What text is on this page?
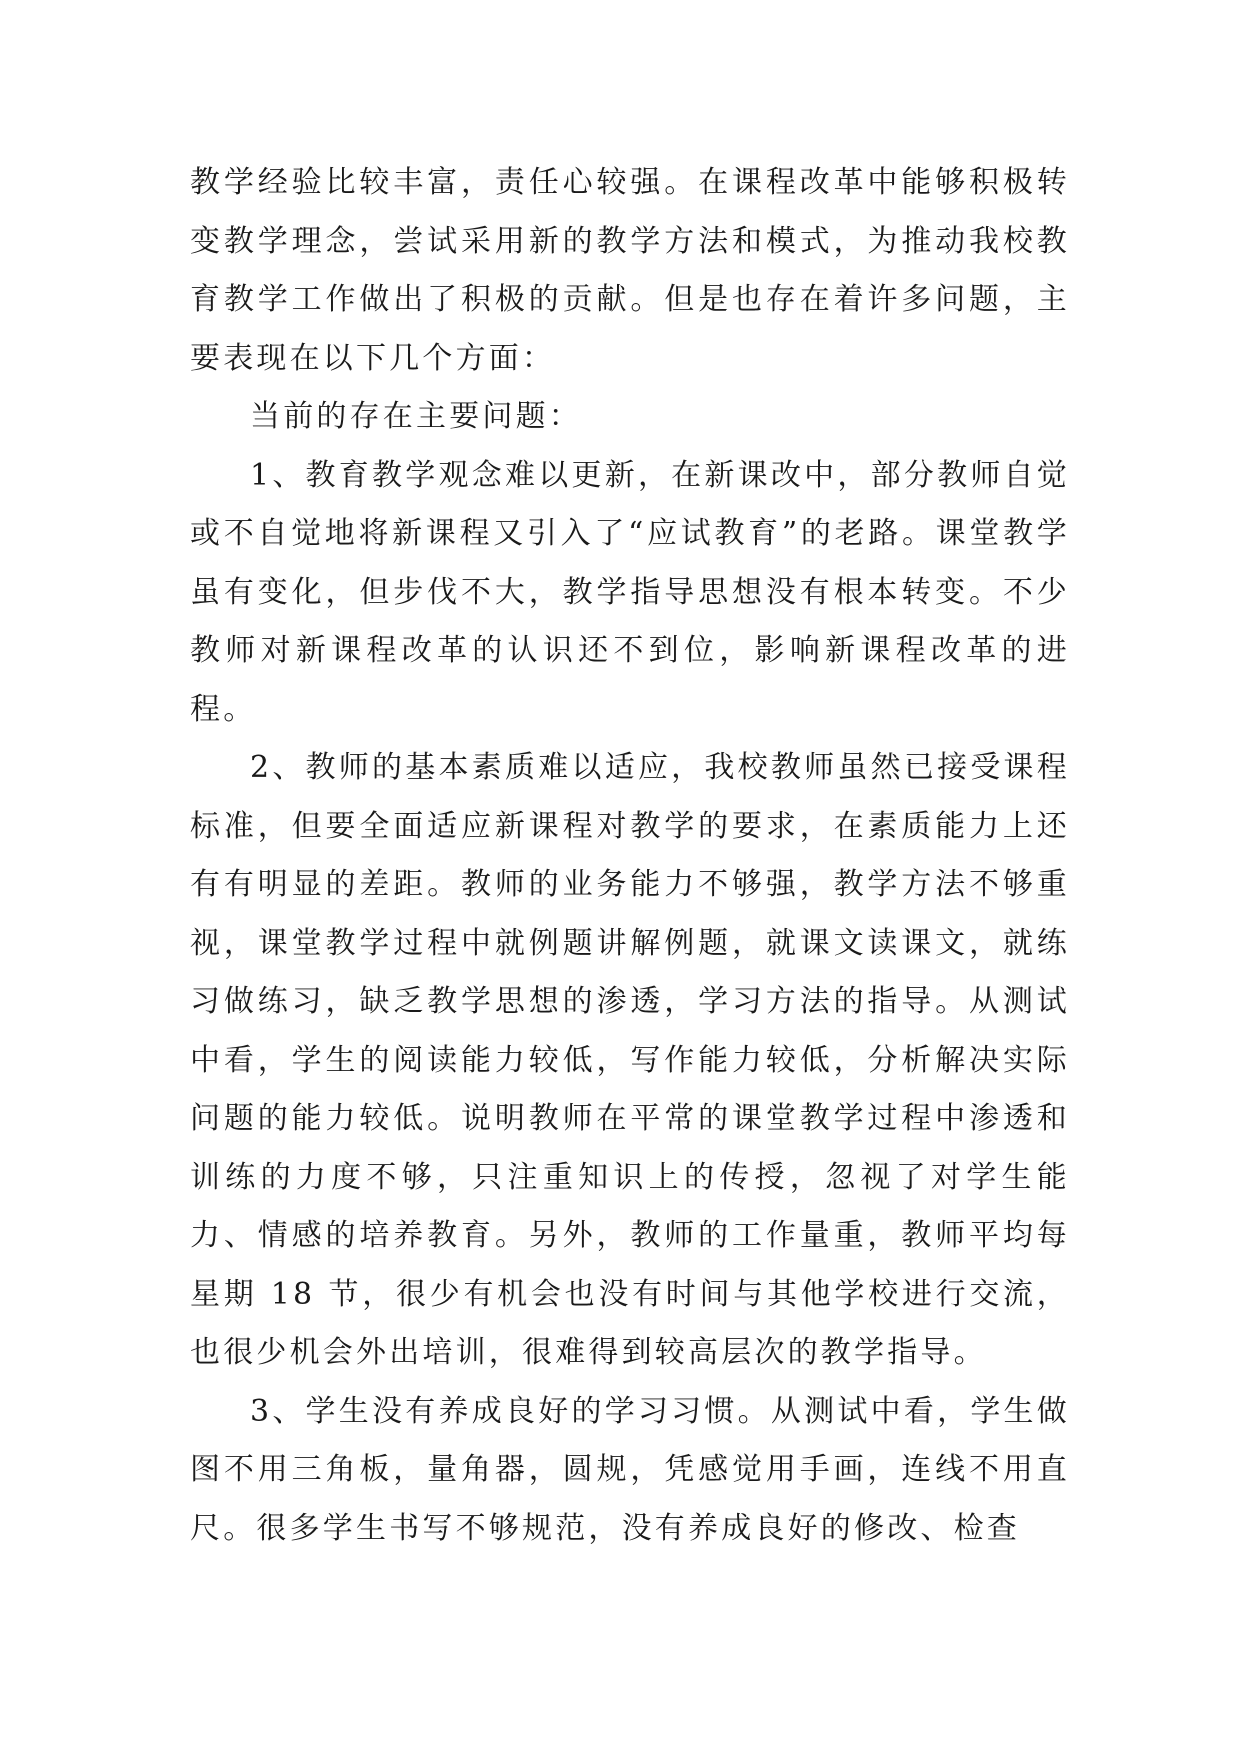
教学经验比较丰富，责任心较强。在课程改革中能够积极转变教学理念，尝试采用新的教学方法和模式，为推动我校教育教学工作做出了积极的贡献。但是也存在着许多问题，主要表现在以下几个方面：

当前的存在主要问题：

1、教育教学观念难以更新，在新课改中，部分教师自觉或不自觉地将新课程又引入了“应试教育”的老路。课堂教学虽有变化，但步伐不大，教学指导思想没有根本转变。不少教师对新课程改革的认识还不到位，影响新课程改革的进程。

2、教师的基本素质难以适应，我校教师虽然已接受课程标准，但要全面适应新课程对教学的要求，在素质能力上还有有明显的差距。教师的业务能力不够强，教学方法不够重视，课堂教学过程中就例题讲解例题，就课文读课文，就练习做练习，缺乏教学思想的渗透，学习方法的指导。从测试中看，学生的阅读能力较低，写作能力较低，分析解决实际问题的能力较低。说明教师在平常的课堂教学过程中渗透和训练的力度不够，只注重知识上的传授，忽视了对学生能力、情感的培养教育。另外，教师的工作量重，教师平均每星期 18 节，很少有机会也没有时间与其他学校进行交流，也很少机会外出培训，很难得到较高层次的教学指导。

3、学生没有养成良好的学习习惯。从测试中看，学生做图不用三角板，量角器，圆规，凭感觉用手画，连线不用直尺。很多学生书写不够规范，没有养成良好的修改、检查
